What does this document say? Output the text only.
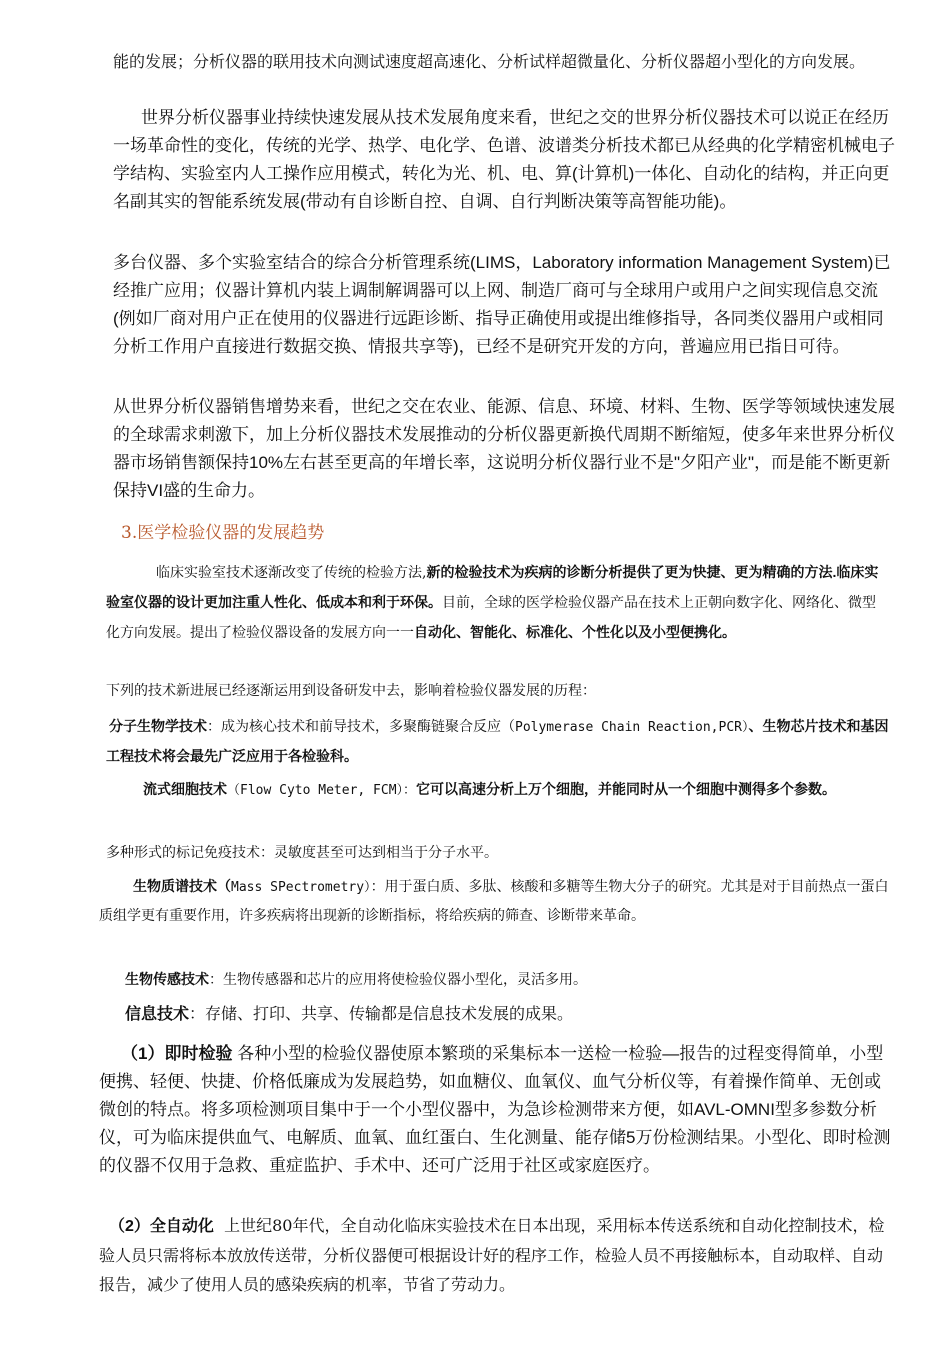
能的发展；分析仪器的联用技术向测试速度超高速化、分析试样超微量化、分析仪器超小型化的方向发展。

世界分析仪器事业持续快速发展从技术发展角度来看，世纪之交的世界分析仪器技术可以说正在经历一场革命性的变化，传统的光学、热学、电化学、色谱、波谱类分析技术都已从经典的化学精密机械电子学结构、实验室内人工操作应用模式，转化为光、机、电、算(计算机)一体化、自动化的结构，并正向更名副其实的智能系统发展(带动有自诊断自控、自调、自行判断决策等高智能功能)。

多台仪器、多个实验室结合的综合分析管理系统(LIMS，Laboratory information Management System)已经推广应用；仪器计算机内装上调制解调器可以上网、制造厂商可与全球用户或用户之间实现信息交流(例如厂商对用户正在使用的仪器进行远距诊断、指导正确使用或提出维修指导，各同类仪器用户或相同分析工作用户直接进行数据交换、情报共享等)，已经不是研究开发的方向，普遍应用已指日可待。

从世界分析仪器销售增势来看，世纪之交在农业、能源、信息、环境、材料、生物、医学等领域快速发展的全球需求刺激下，加上分析仪器技术发展推动的分析仪器更新换代周期不断缩短，使多年来世界分析仪器市场销售额保持10%左右甚至更高的年增长率，这说明分析仪器行业不是"夕阳产业"，而是能不断更新保持VI盛的生命力。

3.医学检验仪器的发展趋势

临床实验室技术逐渐改变了传统的检验方法,新的检验技术为疾病的诊断分析提供了更为快捷、更为精确的方法.临床实验室仪器的设计更加注重人性化、低成本和利于环保。目前，全球的医学检验仪器产品在技术上正朝向数字化、网络化、微型化方向发展。提出了检验仪器设备的发展方向一一自动化、智能化、标准化、个性化以及小型便携化。

下列的技术新进展已经逐渐运用到设备研发中去，影响着检验仪器发展的历程：

分子生物学技术：成为核心技术和前导技术，多聚酶链聚合反应（Polymerase Chain Reaction,PCR）、生物芯片技术和基因工程技术将会最先广泛应用于各检验科。

流式细胞技术（Flow Cyto Meter, FCM）：它可以高速分析上万个细胞，并能同时从一个细胞中测得多个参数。

多种形式的标记免疫技术：灵敏度甚至可达到相当于分子水平。

生物质谱技术（Mass SPectrometry）：用于蛋白质、多肽、核酸和多糖等生物大分子的研究。尤其是对于目前热点一蛋白质组学更有重要作用，许多疾病将出现新的诊断指标，将给疾病的筛查、诊断带来革命。

生物传感技术：生物传感器和芯片的应用将使检验仪器小型化，灵活多用。

信息技术：存储、打印、共享、传输都是信息技术发展的成果。

（1）即时检验 各种小型的检验仪器使原本繁琐的采集标本一送检一检验—报告的过程变得简单，小型便携、轻便、快捷、价格低廉成为发展趋势，如血糖仪、血氧仪、血气分析仪等，有着操作简单、无创或微创的特点。将多项检测项目集中于一个小型仪器中，为急诊检测带来方便，如AVL-OMNI型多参数分析仪，可为临床提供血气、电解质、血氧、血红蛋白、生化测量、能存储5万份检测结果。小型化、即时检测的仪器不仅用于急救、重症监护、手术中、还可广泛用于社区或家庭医疗。

（2）全自动化 上世纪80年代，全自动化临床实验技术在日本出现，采用标本传送系统和自动化控制技术，检验人员只需将标本放放传送带，分析仪器便可根据设计好的程序工作，检验人员不再接触标本，自动取样、自动报告，减少了使用人员的感染疾病的机率，节省了劳动力。
